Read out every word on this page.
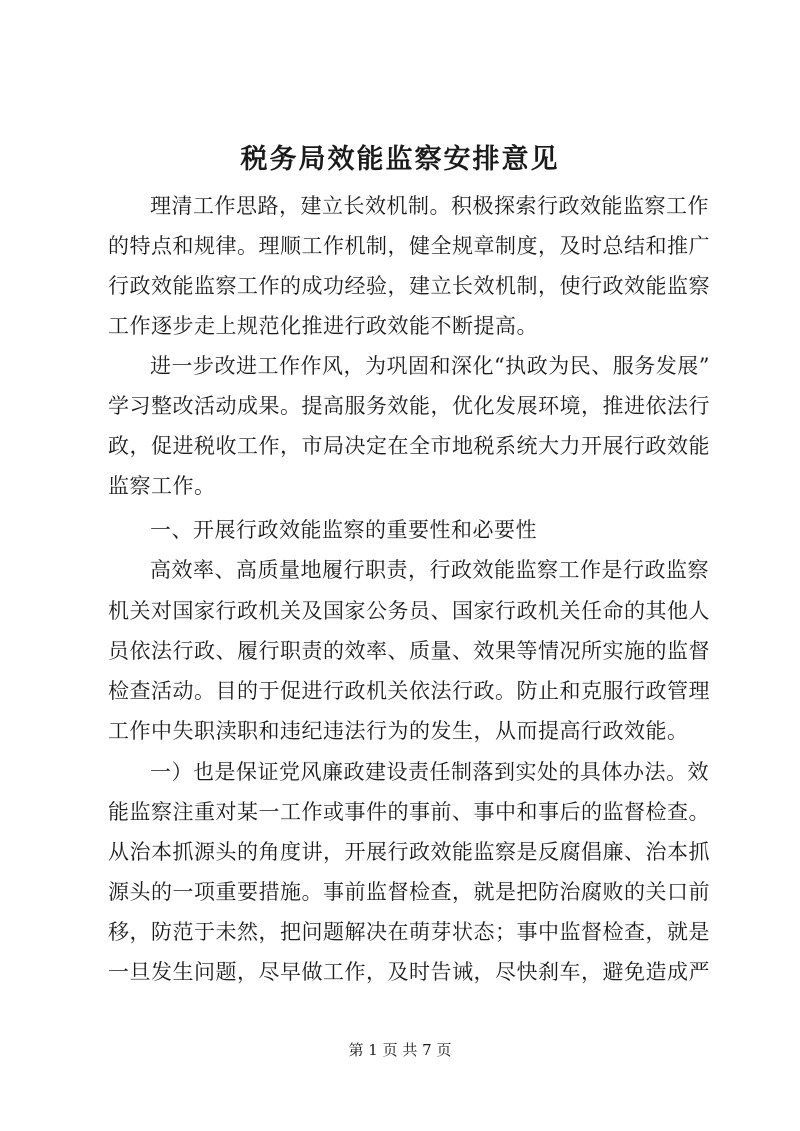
税务局效能监察安排意见
理清工作思路，建立长效机制。积极探索行政效能监察工作
的特点和规律。理顺工作机制，健全规章制度，及时总结和推广
行政效能监察工作的成功经验，建立长效机制，使行政效能监察
工作逐步走上规范化推进行政效能不断提高。
进一步改进工作作风，为巩固和深化“执政为民、服务发展”
学习整改活动成果。提高服务效能，优化发展环境，推进依法行
政，促进税收工作，市局决定在全市地税系统大力开展行政效能
监察工作。
一、开展行政效能监察的重要性和必要性
高效率、高质量地履行职责，行政效能监察工作是行政监察
机关对国家行政机关及国家公务员、国家行政机关任命的其他人
员依法行政、履行职责的效率、质量、效果等情况所实施的监督
检查活动。目的于促进行政机关依法行政。防止和克服行政管理
工作中失职渎职和违纪违法行为的发生，从而提高行政效能。
一）也是保证党风廉政建设责任制落到实处的具体办法。效
能监察注重对某一工作或事件的事前、事中和事后的监督检查。
从治本抓源头的角度讲，开展行政效能监察是反腐倡廉、治本抓
源头的一项重要措施。事前监督检查，就是把防治腐败的关口前
移，防范于未然，把问题解决在萌芽状态；事中监督检查，就是
一旦发生问题，尽早做工作，及时告诫，尽快刹车，避免造成严
第 1 页 共 7 页
